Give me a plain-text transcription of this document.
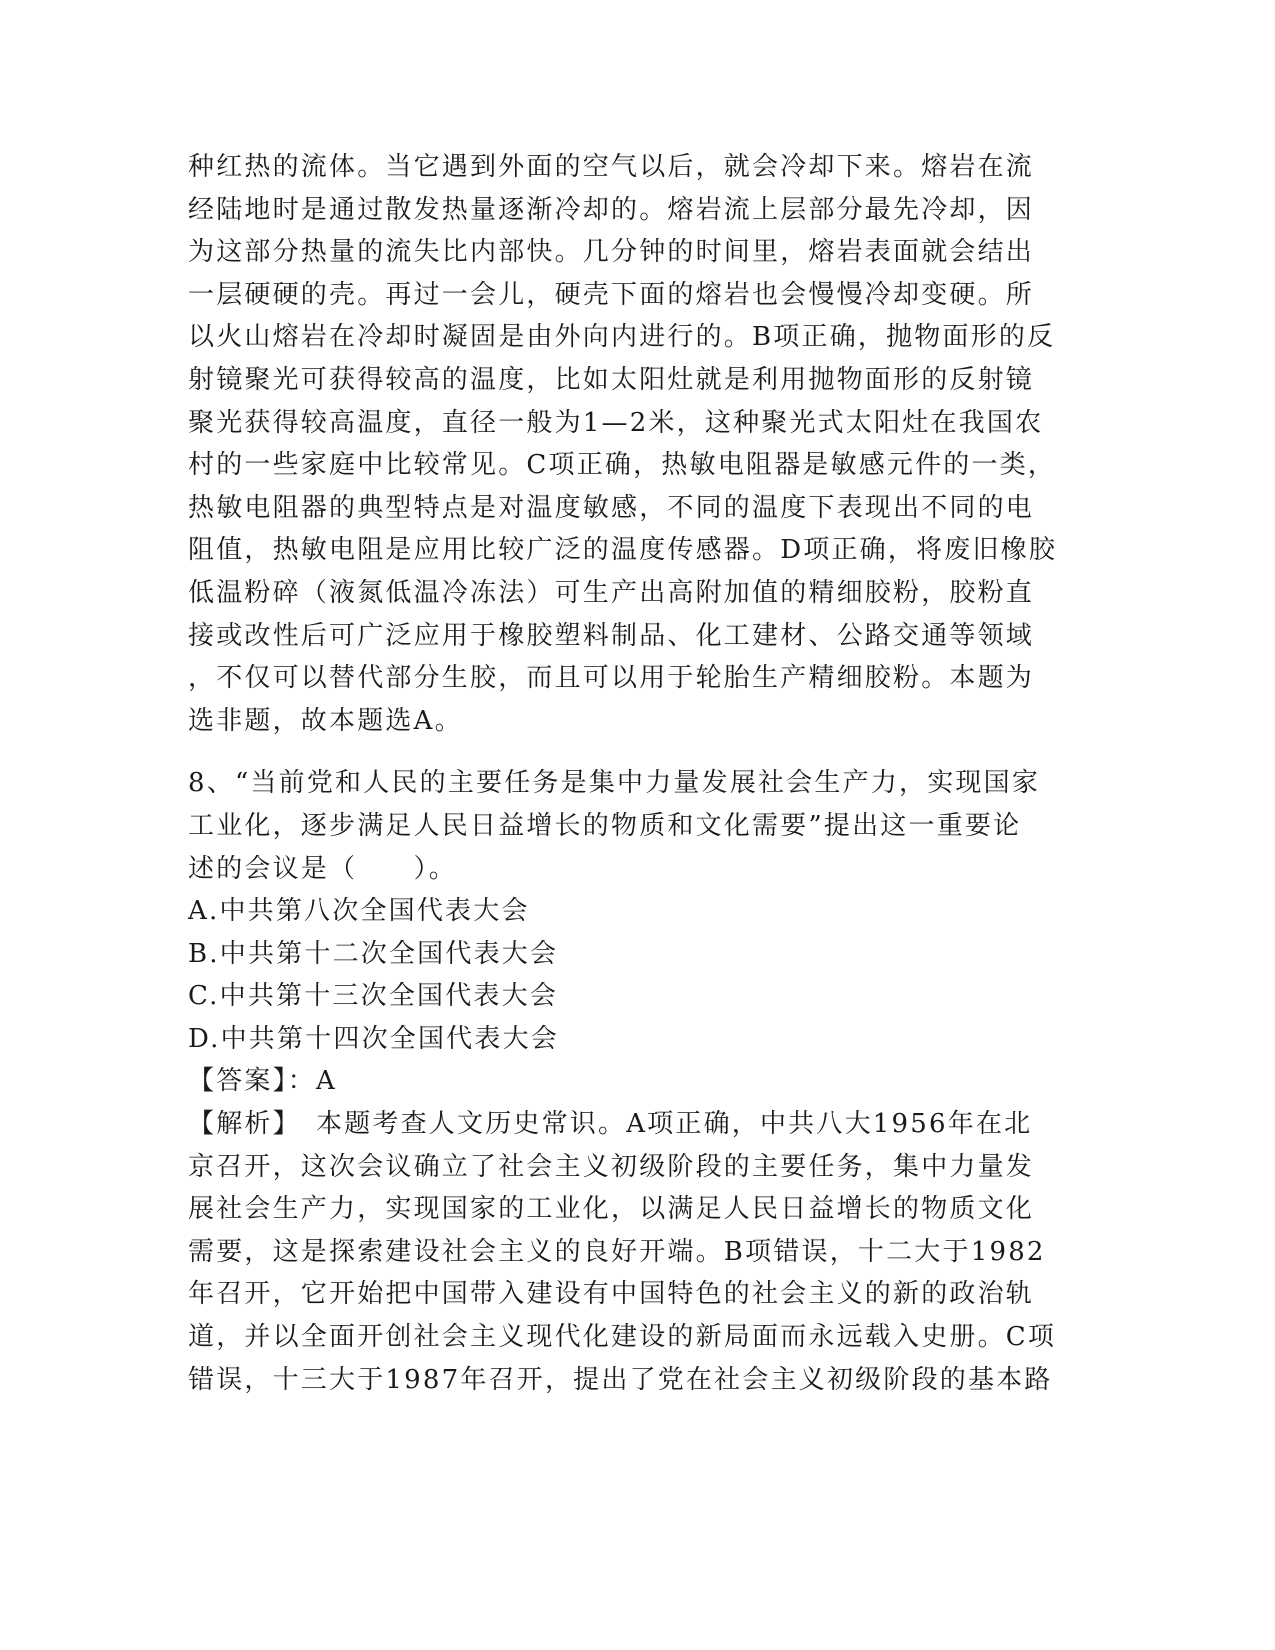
种红热的流体。当它遇到外面的空气以后，就会冷却下来。熔岩在流
经陆地时是通过散发热量逐渐冷却的。熔岩流上层部分最先冷却，因
为这部分热量的流失比内部快。几分钟的时间里，熔岩表面就会结出
一层硬硬的壳。再过一会儿，硬壳下面的熔岩也会慢慢冷却变硬。所
以火山熔岩在冷却时凝固是由外向内进行的。B项正确，抛物面形的反
射镜聚光可获得较高的温度，比如太阳灶就是利用抛物面形的反射镜
聚光获得较高温度，直径一般为1—2米，这种聚光式太阳灶在我国农
村的一些家庭中比较常见。C项正确，热敏电阻器是敏感元件的一类，
热敏电阻器的典型特点是对温度敏感，不同的温度下表现出不同的电
阻值，热敏电阻是应用比较广泛的温度传感器。D项正确，将废旧橡胶
低温粉碎（液氮低温冷冻法）可生产出高附加值的精细胶粉，胶粉直
接或改性后可广泛应用于橡胶塑料制品、化工建材、公路交通等领域
，不仅可以替代部分生胶，而且可以用于轮胎生产精细胶粉。本题为
选非题，故本题选A。
8、“当前党和人民的主要任务是集中力量发展社会生产力，实现国家
工业化，逐步满足人民日益增长的物质和文化需要”提出这一重要论
述的会议是（　　）。
A.中共第八次全国代表大会
B.中共第十二次全国代表大会
C.中共第十三次全国代表大会
D.中共第十四次全国代表大会
【答案】：A
【解析】　本题考查人文历史常识。A项正确，中共八大1956年在北
京召开，这次会议确立了社会主义初级阶段的主要任务，集中力量发
展社会生产力，实现国家的工业化，以满足人民日益增长的物质文化
需要，这是探索建设社会主义的良好开端。B项错误，十二大于1982
年召开，它开始把中国带入建设有中国特色的社会主义的新的政治轨
道，并以全面开创社会主义现代化建设的新局面而永远载入史册。C项
错误，十三大于1987年召开，提出了党在社会主义初级阶段的基本路
